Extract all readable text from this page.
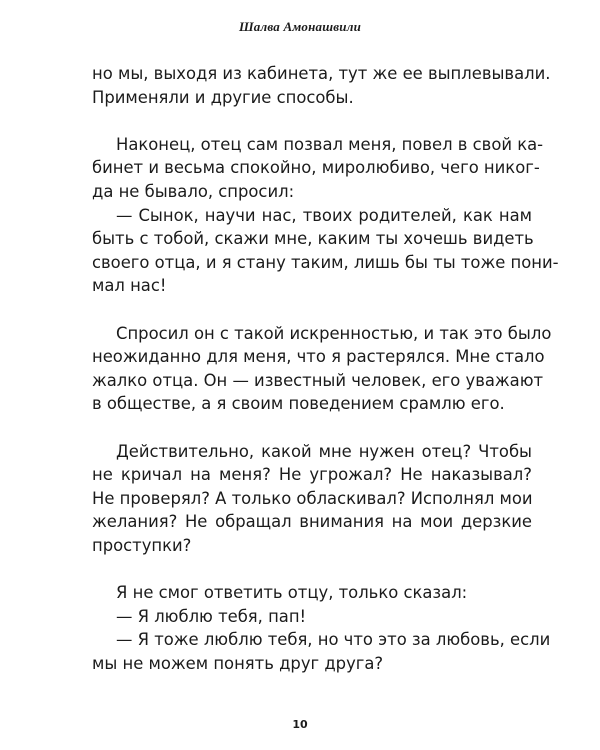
Шалва Амонашвили
но мы, выходя из кабинета, тут же ее выплевывали.
Применяли и другие способы.
Наконец, отец сам позвал меня, повел в свой ка-
бинет и весьма спокойно, миролюбиво, чего никог-
да не бывало, спросил:
— Сынок, научи нас, твоих родителей, как нам
быть с тобой, скажи мне, каким ты хочешь видеть
своего отца, и я стану таким, лишь бы ты тоже пони-
мал нас!
Спросил он с такой искренностью, и так это было
неожиданно для меня, что я растерялся. Мне стало
жалко отца. Он — известный человек, его уважают
в обществе, а я своим поведением срамлю его.
Действительно, какой мне нужен отец? Чтобы
не кричал на меня? Не угрожал? Не наказывал?
Не проверял? А только обласкивал? Исполнял мои
желания? Не обращал внимания на мои дерзкие
проступки?
Я не смог ответить отцу, только сказал:
— Я люблю тебя, пап!
— Я тоже люблю тебя, но что это за любовь, если
мы не можем понять друг друга?
10
